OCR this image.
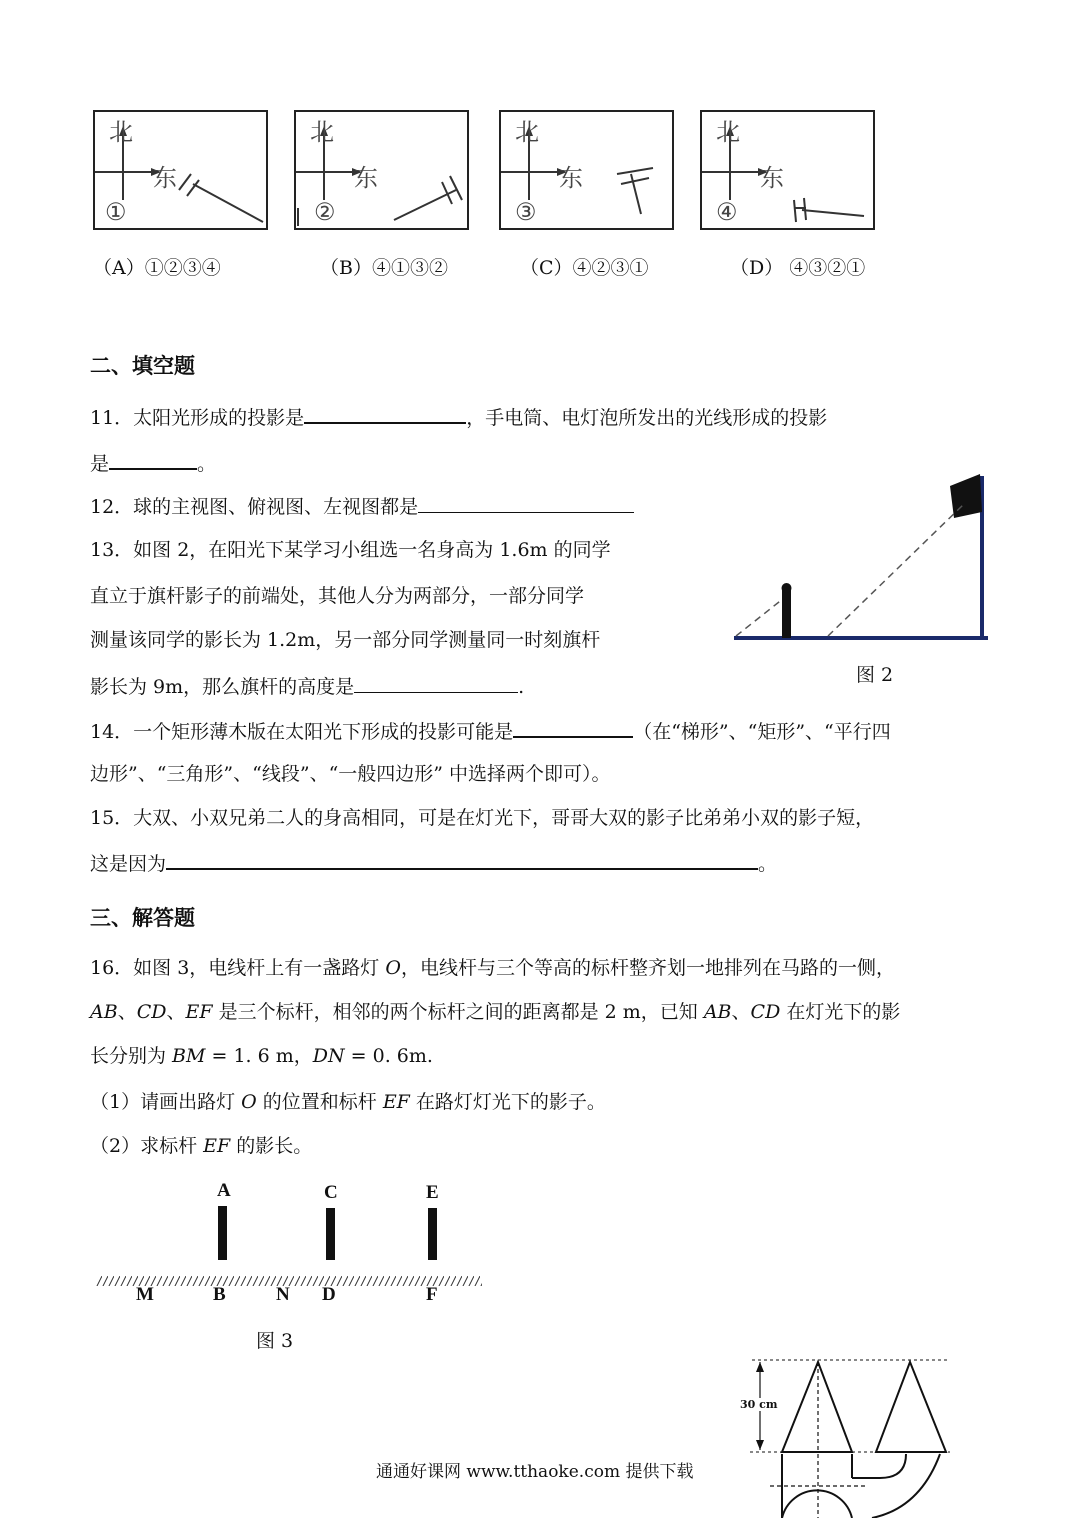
北
东
①
北
东
②
北
东
③
北
东
④
（A）①②③④	（B）④①③②	（C）④②③①	（D） ④③②①
二、填空题
11．太阳光形成的投影是	，手电筒、电灯泡所发出的光线形成的投影
是	。
12．球的主视图、俯视图、左视图都是
13．如图 2，在阳光下某学习小组选一名身高为 1.6m 的同学
直立于旗杆影子的前端处，其他人分为两部分，一部分同学
测量该同学的影长为 1.2m，另一部分同学测量同一时刻旗杆
影长为 9m，那么旗杆的高度是	.
图 2
14．一个矩形薄木版在太阳光下形成的投影可能是	（在“梯形”、“矩形”、“平行四
边形”、“三角形”、“线段”、“一般四边形” 中选择两个即可）。
15．大双、小双兄弟二人的身高相同，可是在灯光下，哥哥大双的影子比弟弟小双的影子短，
这是因为	。
三、解答题
16．如图 3，电线杆上有一盏路灯 O，电线杆与三个等高的标杆整齐划一地排列在马路的一侧，
AB、CD、EF 是三个标杆，相邻的两个标杆之间的距离都是 2 m，已知 AB、CD 在灯光下的影
长分别为 BM = 1. 6 m，DN = 0. 6m.
（1）请画出路灯 O 的位置和标杆 EF 在路灯灯光下的影子。
（2）求标杆 EF 的影长。
A	C	E
M	B	N D	F
图 3
30 cm
通通好课网 www.tthaoke.com 提供下载
